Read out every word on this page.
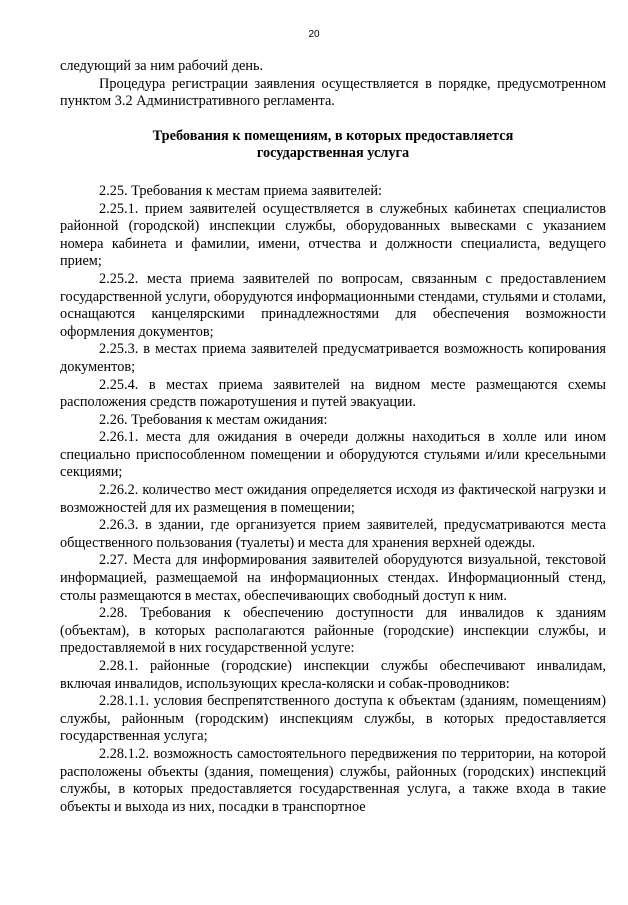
20

следующий за ним рабочий день.

Процедура регистрации заявления осуществляется в порядке, предусмотренном пунктом 3.2 Административного регламента.

Требования к помещениям, в которых предоставляется
государственная услуга

2.25. Требования к местам приема заявителей:

2.25.1. прием заявителей осуществляется в служебных кабинетах специалистов районной (городской) инспекции службы, оборудованных вывесками с указанием номера кабинета и фамилии, имени, отчества и должности специалиста, ведущего прием;

2.25.2. места приема заявителей по вопросам, связанным с предоставлением государственной услуги, оборудуются информационными стендами, стульями и столами, оснащаются канцелярскими принадлежностями для обеспечения возможности оформления документов;

2.25.3. в местах приема заявителей предусматривается возможность копирования документов;

2.25.4. в местах приема заявителей на видном месте размещаются схемы расположения средств пожаротушения и путей эвакуации.

2.26. Требования к местам ожидания:

2.26.1. места для ожидания в очереди должны находиться в холле или ином специально приспособленном помещении и оборудуются стульями и/или кресельными секциями;

2.26.2. количество мест ожидания определяется исходя из фактической нагрузки и возможностей для их размещения в помещении;

2.26.3. в здании, где организуется прием заявителей, предусматриваются места общественного пользования (туалеты) и места для хранения верхней одежды.

2.27. Места для информирования заявителей оборудуются визуальной, текстовой информацией, размещаемой на информационных стендах. Информационный стенд, столы размещаются в местах, обеспечивающих свободный доступ к ним.

2.28. Требования к обеспечению доступности для инвалидов к зданиям (объектам), в которых располагаются районные (городские) инспекции службы, и предоставляемой в них государственной услуге:

2.28.1. районные (городские) инспекции службы обеспечивают инвалидам, включая инвалидов, использующих кресла-коляски и собак-проводников:

2.28.1.1. условия беспрепятственного доступа к объектам (зданиям, помещениям) службы, районным (городским) инспекциям службы, в которых предоставляется государственная услуга;

2.28.1.2. возможность самостоятельного передвижения по территории, на которой расположены объекты (здания, помещения) службы, районных (городских) инспекций службы, в которых предоставляется государственная услуга, а также входа в такие объекты и выхода из них, посадки в транспортное
